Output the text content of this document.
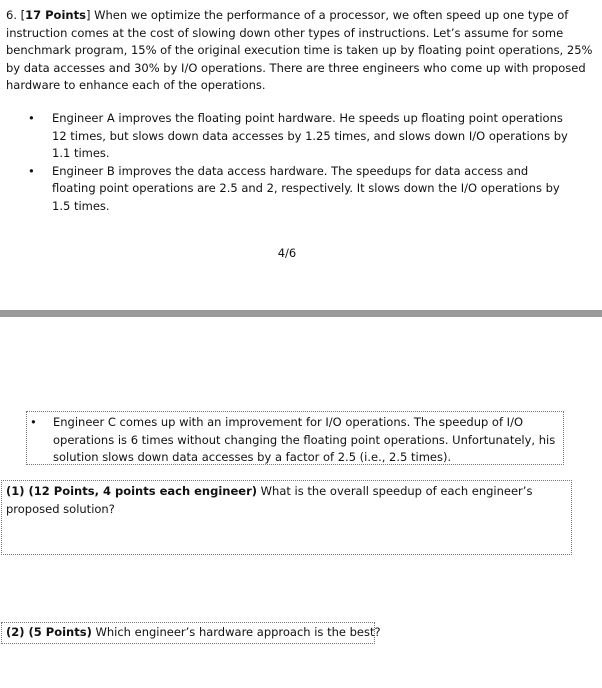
6. [17 Points] When we optimize the performance of a processor, we often speed up one type of instruction comes at the cost of slowing down other types of instructions. Let’s assume for some benchmark program, 15% of the original execution time is taken up by floating point operations, 25% by data accesses and 30% by I/O operations. There are three engineers who come up with proposed hardware to enhance each of the operations.
• Engineer A improves the floating point hardware. He speeds up floating point operations 12 times, but slows down data accesses by 1.25 times, and slows down I/O operations by 1.1 times.
• Engineer B improves the data access hardware. The speedups for data access and floating point operations are 2.5 and 2, respectively. It slows down the I/O operations by 1.5 times.
4/6
• Engineer C comes up with an improvement for I/O operations. The speedup of I/O operations is 6 times without changing the floating point operations. Unfortunately, his solution slows down data accesses by a factor of 2.5 (i.e., 2.5 times).
(1) (12 Points, 4 points each engineer) What is the overall speedup of each engineer’s proposed solution?
(2) (5 Points) Which engineer’s hardware approach is the best?
